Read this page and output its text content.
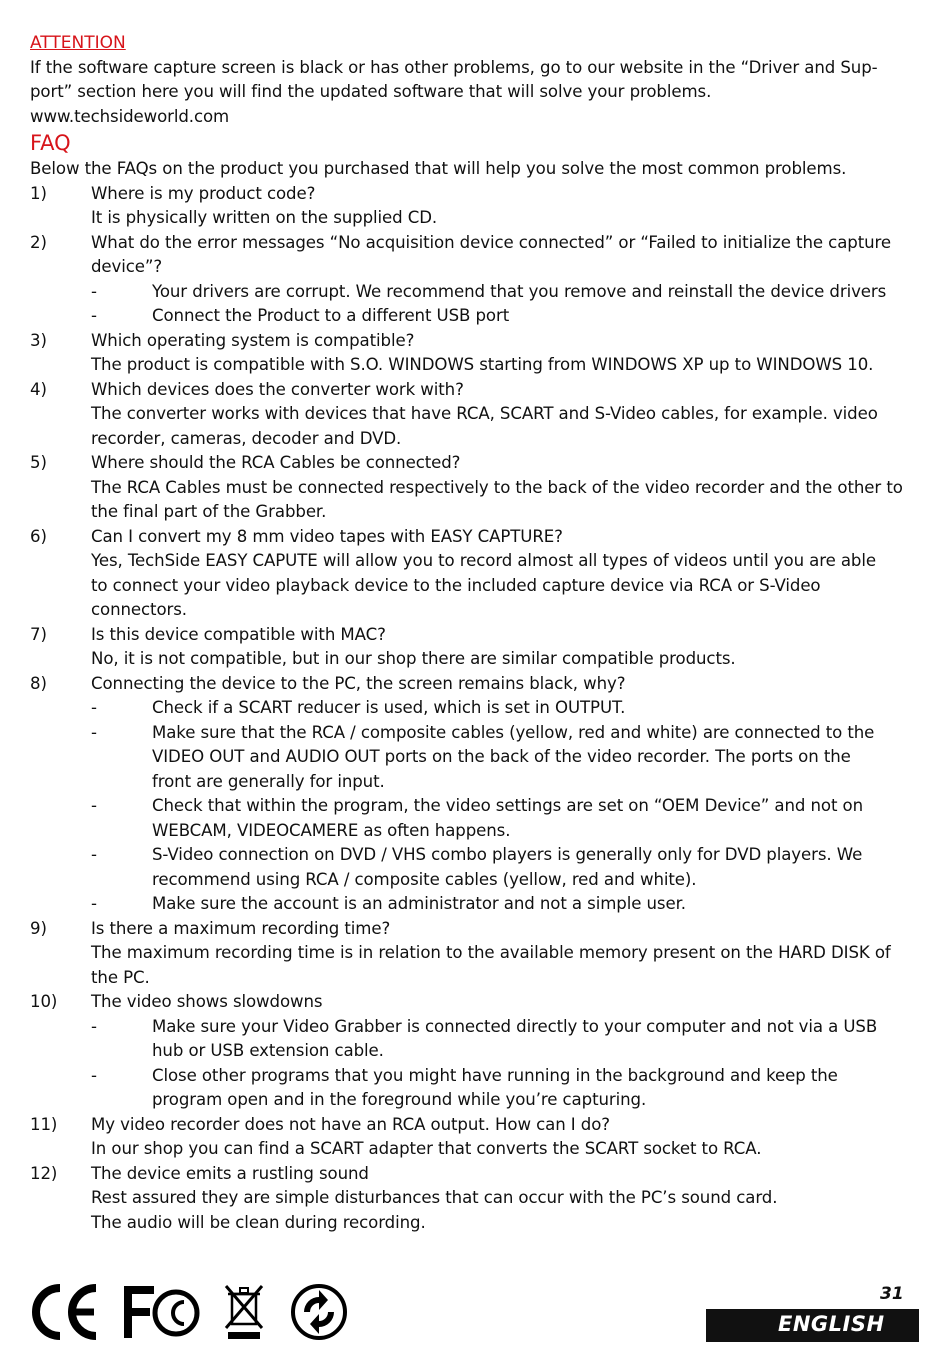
ATTENTION
If the software capture screen is black or has other problems, go to our website in the “Driver and Sup-
port” section here you will find the updated software that will solve your problems.
www.techsideworld.com
FAQ
Below the FAQs on the product you purchased that will help you solve the most common problems.
1)	Where is my product code?
It is physically written on the supplied CD.
2)	What do the error messages “No acquisition device connected” or “Failed to initialize the capture
device”?
-	Your drivers are corrupt. We recommend that you remove and reinstall the device drivers
-	Connect the Product to a different USB port
3)	Which operating system is compatible?
The product is compatible with S.O. WINDOWS starting from WINDOWS XP up to WINDOWS 10.
4)	Which devices does the converter work with?
The converter works with devices that have RCA, SCART and S-Video cables, for example. video
recorder, cameras, decoder and DVD.
5)	Where should the RCA Cables be connected?
The RCA Cables must be connected respectively to the back of the video recorder and the other to
the final part of the Grabber.
6)	Can I convert my 8 mm video tapes with EASY CAPTURE?
Yes, TechSide EASY CAPUTE will allow you to record almost all types of videos until you are able
to connect your video playback device to the included capture device via RCA or S-Video
connectors.
7)	Is this device compatible with MAC?
No, it is not compatible, but in our shop there are similar compatible products.
8)	Connecting the device to the PC, the screen remains black, why?
-	Check if a SCART reducer is used, which is set in OUTPUT.
-	Make sure that the RCA / composite cables (yellow, red and white) are connected to the
VIDEO OUT and AUDIO OUT ports on the back of the video recorder. The ports on the
front are generally for input.
-	Check that within the program, the video settings are set on “OEM Device” and not on
WEBCAM, VIDEOCAMERE as often happens.
-	S-Video connection on DVD / VHS combo players is generally only for DVD players. We
recommend using RCA / composite cables (yellow, red and white).
-	Make sure the account is an administrator and not a simple user.
9)	Is there a maximum recording time?
The maximum recording time is in relation to the available memory present on the HARD DISK of
the PC.
10)	The video shows slowdowns
-	Make sure your Video Grabber is connected directly to your computer and not via a USB
hub or USB extension cable.
-	Close other programs that you might have running in the background and keep the
program open and in the foreground while you’re capturing.
11)	My video recorder does not have an RCA output. How can I do?
In our shop you can find a SCART adapter that converts the SCART socket to RCA.
12)	The device emits a rustling sound
Rest assured they are simple disturbances that can occur with the PC’s sound card.
The audio will be clean during recording.
31
ENGLISH
